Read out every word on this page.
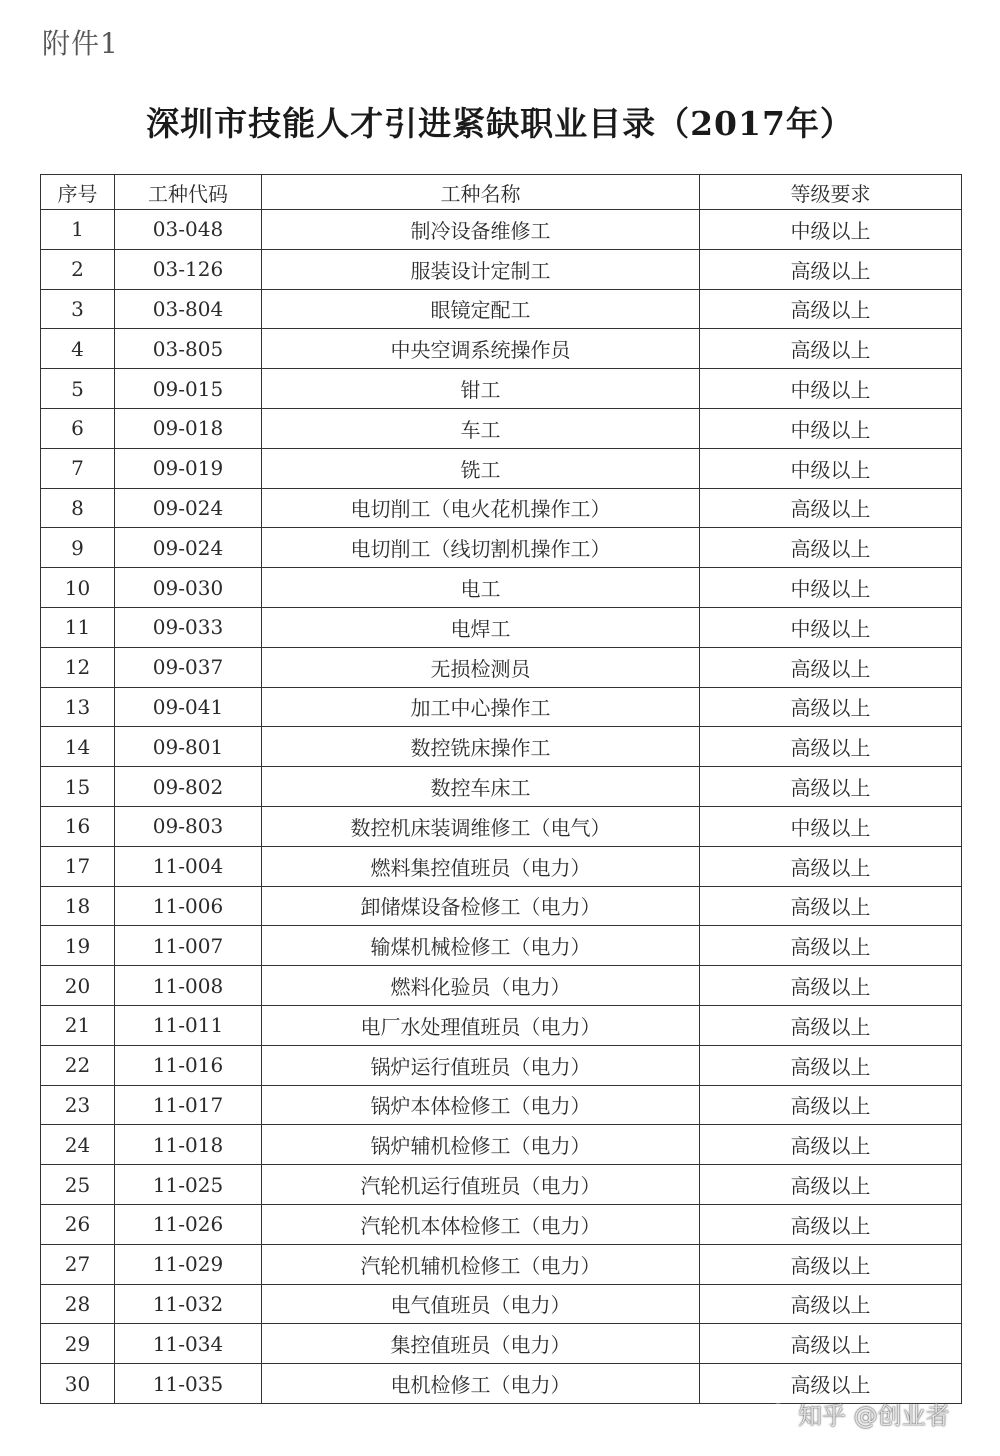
附件1
深圳市技能人才引进紧缺职业目录（2017年）
序号	工种代码	工种名称	等级要求
1	03-048	制冷设备维修工	中级以上
2	03-126	服装设计定制工	高级以上
3	03-804	眼镜定配工	高级以上
4	03-805	中央空调系统操作员	高级以上
5	09-015	钳工	中级以上
6	09-018	车工	中级以上
7	09-019	铣工	中级以上
8	09-024	电切削工（电火花机操作工）	高级以上
9	09-024	电切削工（线切割机操作工）	高级以上
10	09-030	电工	中级以上
11	09-033	电焊工	中级以上
12	09-037	无损检测员	高级以上
13	09-041	加工中心操作工	高级以上
14	09-801	数控铣床操作工	高级以上
15	09-802	数控车床工	高级以上
16	09-803	数控机床装调维修工（电气）	中级以上
17	11-004	燃料集控值班员（电力）	高级以上
18	11-006	卸储煤设备检修工（电力）	高级以上
19	11-007	输煤机械检修工（电力）	高级以上
20	11-008	燃料化验员（电力）	高级以上
21	11-011	电厂水处理值班员（电力）	高级以上
22	11-016	锅炉运行值班员（电力）	高级以上
23	11-017	锅炉本体检修工（电力）	高级以上
24	11-018	锅炉辅机检修工（电力）	高级以上
25	11-025	汽轮机运行值班员（电力）	高级以上
26	11-026	汽轮机本体检修工（电力）	高级以上
27	11-029	汽轮机辅机检修工（电力）	高级以上
28	11-032	电气值班员（电力）	高级以上
29	11-034	集控值班员（电力）	高级以上
30	11-035	电机检修工（电力）	高级以上
知乎 @创业者
